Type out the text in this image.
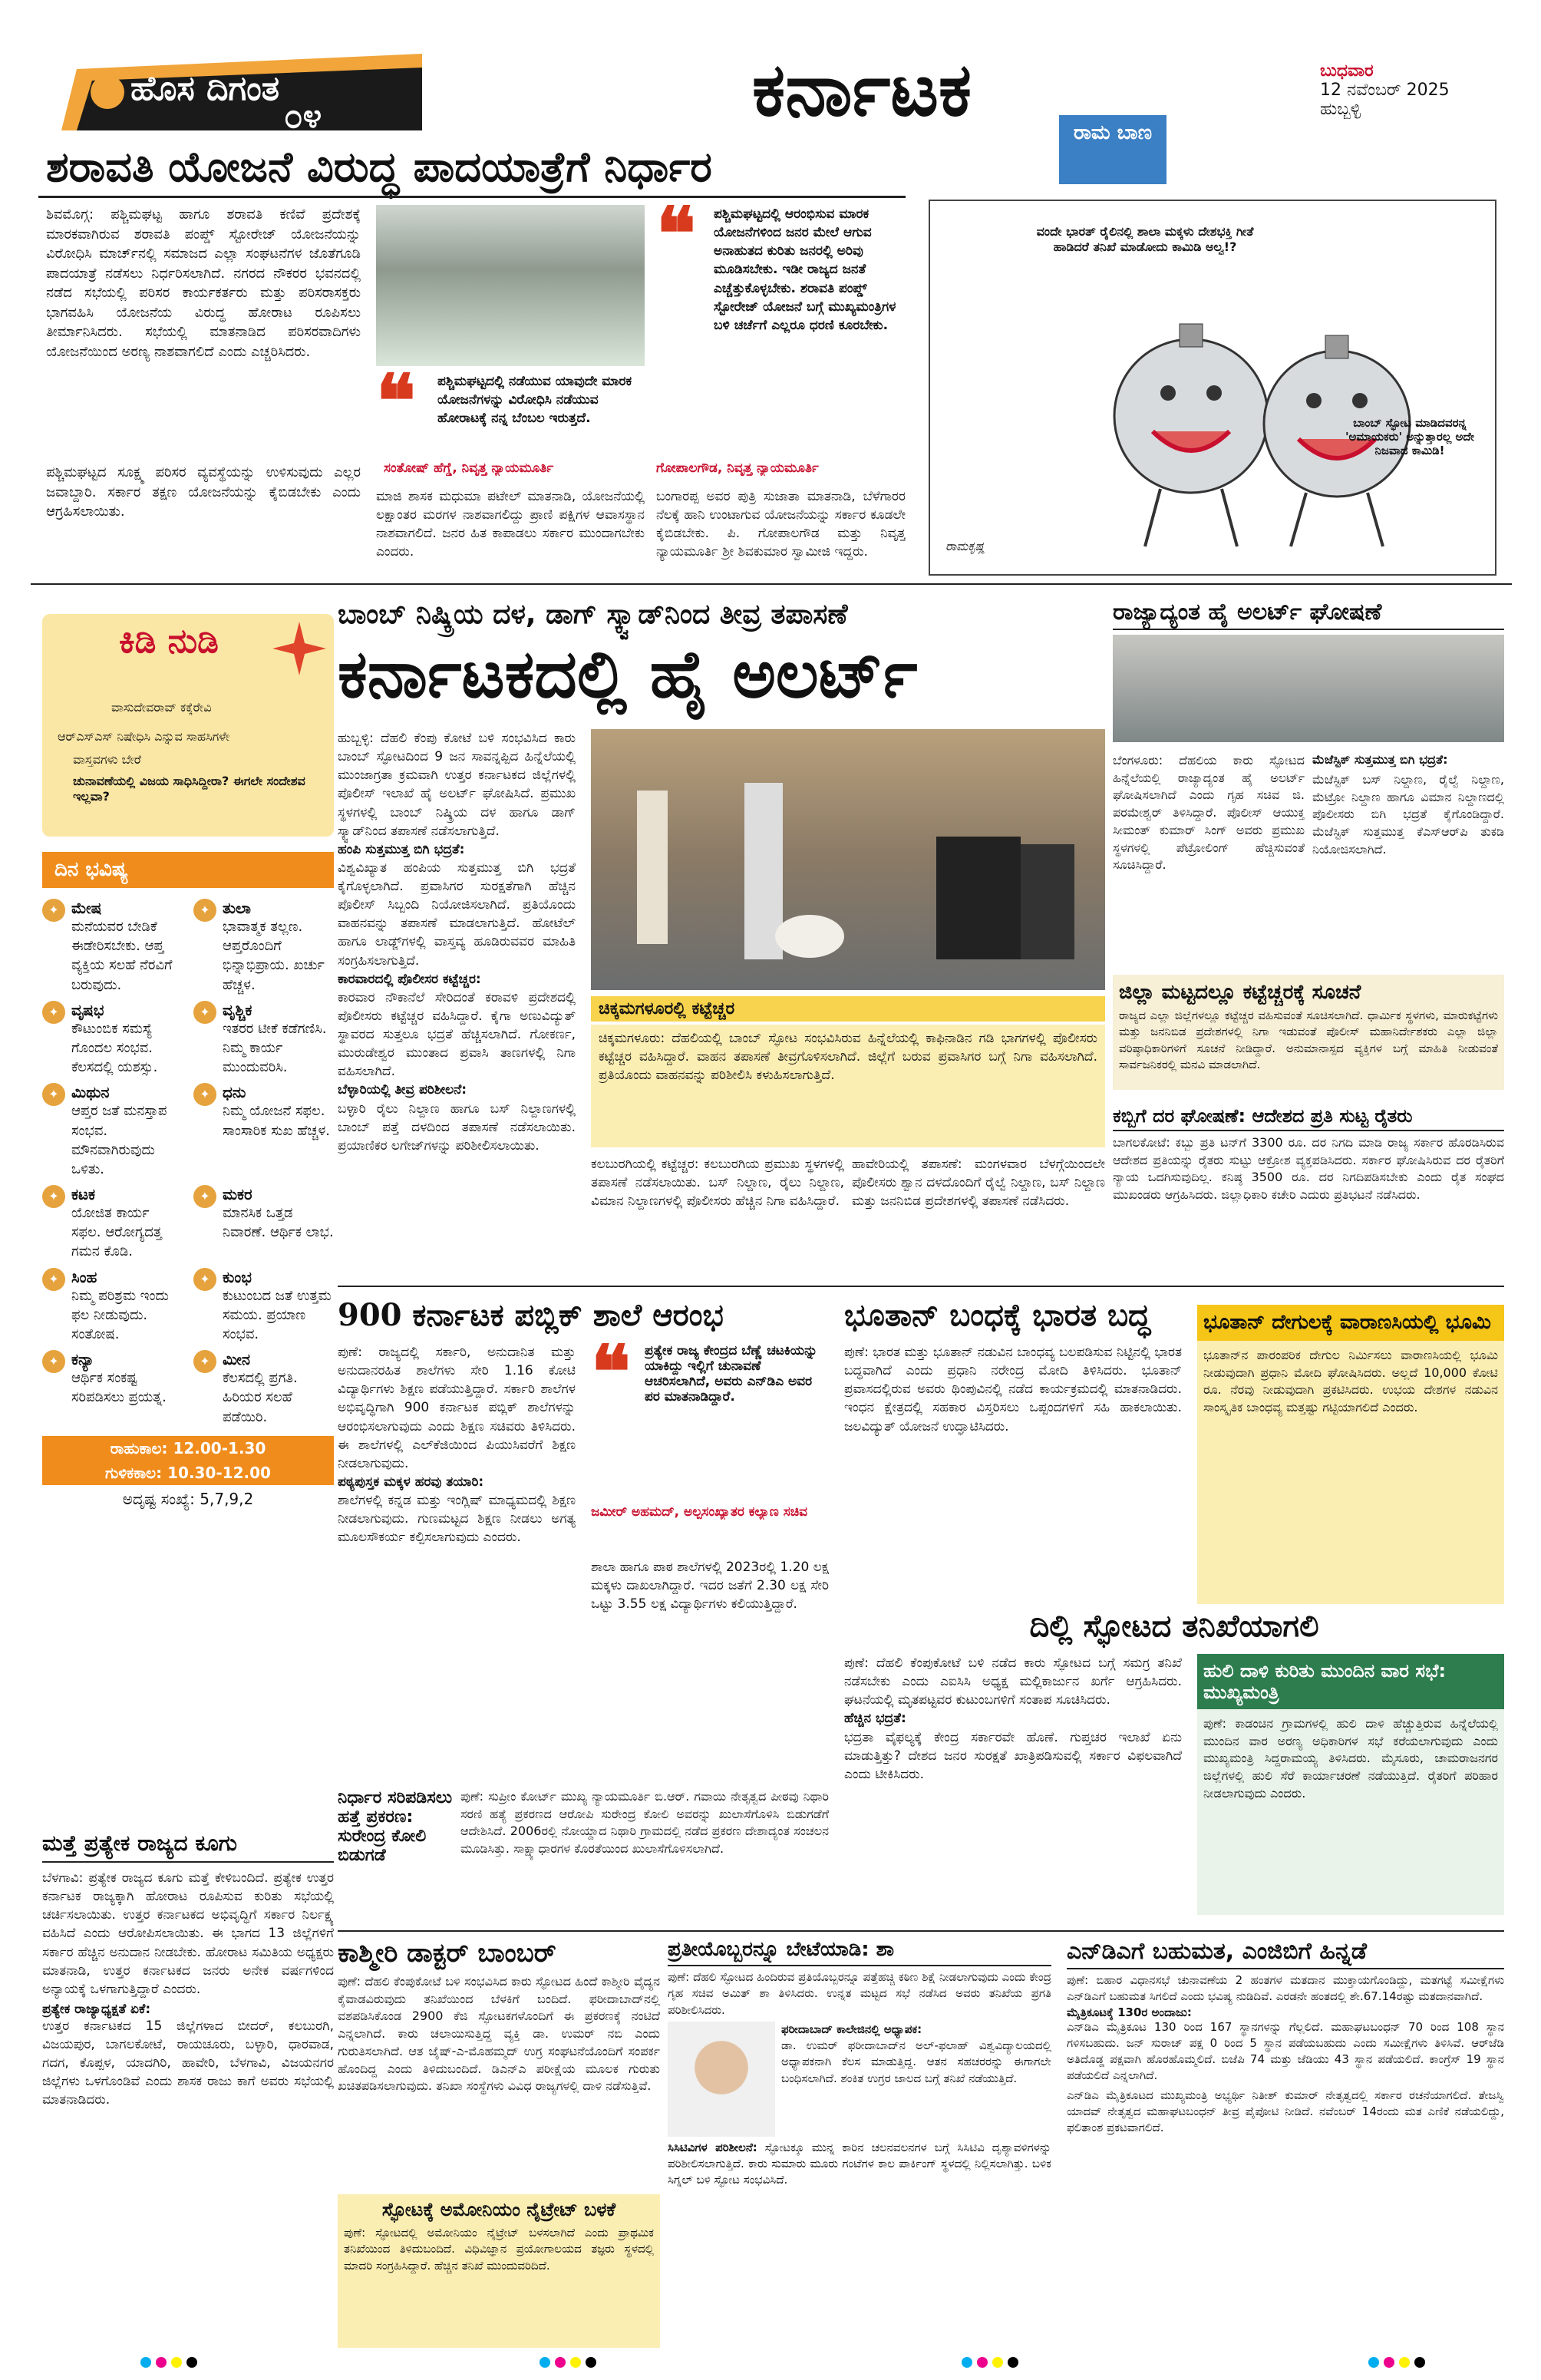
ಹೊಸ ದಿಗಂತ
೦೪	ಕರ್ನಾಟಕ	ಬುಧವಾರ
12 ನವೆಂಬರ್ 2025
ಹುಬ್ಬಳ್ಳಿ
ಶರಾವತಿ ಯೋಜನೆ ವಿರುದ್ಧ ಪಾದಯಾತ್ರೆಗೆ ನಿರ್ಧಾರ
ಶಿವಮೊಗ್ಗ: ಪಶ್ಚಿಮಘಟ್ಟ ಹಾಗೂ ಶರಾವತಿ ಕಣಿವೆ ಪ್ರದೇಶಕ್ಕೆ ಮಾರಕವಾಗಿರುವ ಶರಾವತಿ ಪಂಪ್ಡ್ ಸ್ಟೋರೇಜ್ ಯೋಜನೆಯನ್ನು ವಿರೋಧಿಸಿ ಮಾರ್ಚ್‌ನಲ್ಲಿ ಸಮಾಜದ ಎಲ್ಲಾ ಸಂಘಟನೆಗಳ ಜೊತೆಗೂಡಿ ಪಾದಯಾತ್ರೆ ನಡೆಸಲು ನಿರ್ಧರಿಸಲಾಗಿದೆ. ನಗರದ ನೌಕರರ ಭವನದಲ್ಲಿ ನಡೆದ ಸಭೆಯಲ್ಲಿ ಪರಿಸರ ಕಾರ್ಯಕರ್ತರು ಮತ್ತು ಪರಿಸರಾಸಕ್ತರು ಭಾಗವಹಿಸಿ ಯೋಜನೆಯ ವಿರುದ್ಧ ಹೋರಾಟ ರೂಪಿಸಲು ತೀರ್ಮಾನಿಸಿದರು. ಸಭೆಯಲ್ಲಿ ಮಾತನಾಡಿದ ಪರಿಸರವಾದಿಗಳು ಯೋಜನೆಯಿಂದ ಅರಣ್ಯ ನಾಶವಾಗಲಿದೆ ಎಂದು ಎಚ್ಚರಿಸಿದರು.
ಪಶ್ಚಿಮಘಟ್ಟದ ಸೂಕ್ಷ್ಮ ಪರಿಸರ ವ್ಯವಸ್ಥೆಯನ್ನು ಉಳಿಸುವುದು ಎಲ್ಲರ ಜವಾಬ್ದಾರಿ. ಸರ್ಕಾರ ತಕ್ಷಣ ಯೋಜನೆಯನ್ನು ಕೈಬಿಡಬೇಕು ಎಂದು ಆಗ್ರಹಿಸಲಾಯಿತು.
❝ ಪಶ್ಚಿಮಘಟ್ಟದಲ್ಲಿ ನಡೆಯುವ ಯಾವುದೇ ಮಾರಕ ಯೋಜನೆಗಳನ್ನು ವಿರೋಧಿಸಿ ನಡೆಯುವ ಹೋರಾಟಕ್ಕೆ ನನ್ನ ಬೆಂಬಲ ಇರುತ್ತದೆ.
ಸಂತೋಷ್ ಹೆಗ್ಡೆ, ನಿವೃತ್ತ ನ್ಯಾಯಮೂರ್ತಿ
ಮಾಜಿ ಶಾಸಕ ಮಧುಮಾ ಪಟೇಲ್ ಮಾತನಾಡಿ, ಯೋಜನೆಯಲ್ಲಿ ಲಕ್ಷಾಂತರ ಮರಗಳ ನಾಶವಾಗಲಿದ್ದು ಪ್ರಾಣಿ ಪಕ್ಷಿಗಳ ಆವಾಸಸ್ಥಾನ ನಾಶವಾಗಲಿದೆ. ಜನರ ಹಿತ ಕಾಪಾಡಲು ಸರ್ಕಾರ ಮುಂದಾಗಬೇಕು ಎಂದರು.
❝ ಪಶ್ಚಿಮಘಟ್ಟದಲ್ಲಿ ಆರಂಭಿಸುವ ಮಾರಕ ಯೋಜನೆಗಳಿಂದ ಜನರ ಮೇಲೆ ಆಗುವ ಅನಾಹುತದ ಕುರಿತು ಜನರಲ್ಲಿ ಅರಿವು ಮೂಡಿಸಬೇಕು. ಇಡೀ ರಾಜ್ಯದ ಜನತೆ ಎಚ್ಚೆತ್ತುಕೊಳ್ಳಬೇಕು. ಶರಾವತಿ ಪಂಪ್ಡ್ ಸ್ಟೋರೇಜ್ ಯೋಜನೆ ಬಗ್ಗೆ ಮುಖ್ಯಮಂತ್ರಿಗಳ ಬಳಿ ಚರ್ಚೆಗೆ ಎಲ್ಲರೂ ಧರಣಿ ಕೂರಬೇಕು.
ಗೋಪಾಲಗೌಡ, ನಿವೃತ್ತ ನ್ಯಾಯಮೂರ್ತಿ
ಬಂಗಾರಪ್ಪ ಅವರ ಪುತ್ರಿ ಸುಜಾತಾ ಮಾತನಾಡಿ, ಬೆಳೆಗಾರರ ನೆಲಕ್ಕೆ ಹಾನಿ ಉಂಟಾಗುವ ಯೋಜನೆಯನ್ನು ಸರ್ಕಾರ ಕೂಡಲೇ ಕೈಬಿಡಬೇಕು. ಪಿ. ಗೋಪಾಲಗೌಡ ಮತ್ತು ನಿವೃತ್ತ ನ್ಯಾಯಮೂರ್ತಿ ಶ್ರೀ ಶಿವಕುಮಾರ ಸ್ವಾಮೀಜಿ ಇದ್ದರು.
ರಾಮ ಬಾಣ
ವಂದೇ ಭಾರತ್ ರೈಲಿನಲ್ಲಿ ಶಾಲಾ ಮಕ್ಕಳು ದೇಶಭಕ್ತಿ ಗೀತೆ ಹಾಡಿದರೆ ತನಿಖೆ ಮಾಡೋದು ಕಾಮಿಡಿ ಅಲ್ವ!?
ಬಾಂಬ್ ಸ್ಫೋಟ ಮಾಡಿದವರನ್ನ 'ಅಮಾಯಕರು' ಅನ್ನುತ್ತಾರಲ್ಲ ಅದೇ ನಿಜವಾದ ಕಾಮಿಡಿ!
ರಾಮಕೃಷ್ಣ
ಕಿಡಿ ನುಡಿ
ವಾಸುದೇವರಾವ್ ಕಕ್ಕೆರೇವಿ
ಆರ್‌ಎಸ್‌ಎಸ್ ನಿಷೇಧಿಸಿ ಎನ್ನುವ ಸಾಹಸಿಗಳೇ
ವಾಸ್ತವಗಳು ಬೇರೆ
ಚುನಾವಣೆಯಲ್ಲಿ ವಿಜಯ ಸಾಧಿಸಿದ್ದೀರಾ? ಈಗಲೇ ಸಂದೇಶವ ಇಲ್ಲವಾ?
ದಿನ ಭವಿಷ್ಯ
✦ ಮೇಷ
ಮನೆಯವರ ಬೇಡಿಕೆ ಈಡೇರಿಸಬೇಕು. ಆಪ್ತ ವ್ಯಕ್ತಿಯ ಸಲಹೆ ನೆರವಿಗೆ ಬರುವುದು.
✦ ತುಲಾ
ಭಾವಾತ್ಮಕ ತಲ್ಲಣ. ಆಪ್ತರೊಂದಿಗೆ ಭಿನ್ನಾಭಿಪ್ರಾಯ. ಖರ್ಚು ಹೆಚ್ಚಳ.
✦ ವೃಷಭ
ಕೌಟುಂಬಿಕ ಸಮಸ್ಯೆ ಗೊಂದಲ ಸಂಭವ. ಕೆಲಸದಲ್ಲಿ ಯಶಸ್ಸು.
✦ ವೃಶ್ಚಿಕ
ಇತರರ ಟೀಕೆ ಕಡೆಗಣಿಸಿ. ನಿಮ್ಮ ಕಾರ್ಯ ಮುಂದುವರಿಸಿ.
✦ ಮಿಥುನ
ಆಪ್ತರ ಜತೆ ಮನಸ್ತಾಪ ಸಂಭವ. ಮೌನವಾಗಿರುವುದು ಒಳಿತು.
✦ ಧನು
ನಿಮ್ಮ ಯೋಜನೆ ಸಫಲ. ಸಾಂಸಾರಿಕ ಸುಖ ಹೆಚ್ಚಳ.
✦ ಕಟಕ
ಯೋಜಿತ ಕಾರ್ಯ ಸಫಲ. ಆರೋಗ್ಯದತ್ತ ಗಮನ ಕೊಡಿ.
✦ ಮಕರ
ಮಾನಸಿಕ ಒತ್ತಡ ನಿವಾರಣೆ. ಆರ್ಥಿಕ ಲಾಭ.
✦ ಸಿಂಹ
ನಿಮ್ಮ ಪರಿಶ್ರಮ ಇಂದು ಫಲ ನೀಡುವುದು. ಸಂತೋಷ.
✦ ಕುಂಭ
ಕುಟುಂಬದ ಜತೆ ಉತ್ತಮ ಸಮಯ. ಪ್ರಯಾಣ ಸಂಭವ.
✦ ಕನ್ಯಾ
ಆರ್ಥಿಕ ಸಂಕಷ್ಟ ಸರಿಪಡಿಸಲು ಪ್ರಯತ್ನ.
✦ ಮೀನ
ಕೆಲಸದಲ್ಲಿ ಪ್ರಗತಿ. ಹಿರಿಯರ ಸಲಹೆ ಪಡೆಯಿರಿ.
ರಾಹುಕಾಲ: 12.00-1.30
ಗುಳಿಕಕಾಲ: 10.30-12.00
ಅದೃಷ್ಟ ಸಂಖ್ಯೆ: 5,7,9,2
ಮತ್ತೆ ಪ್ರತ್ಯೇಕ ರಾಜ್ಯದ ಕೂಗು
ಬೆಳಗಾವಿ: ಪ್ರತ್ಯೇಕ ರಾಜ್ಯದ ಕೂಗು ಮತ್ತೆ ಕೇಳಿಬಂದಿದೆ. ಪ್ರತ್ಯೇಕ ಉತ್ತರ ಕರ್ನಾಟಕ ರಾಜ್ಯಕ್ಕಾಗಿ ಹೋರಾಟ ರೂಪಿಸುವ ಕುರಿತು ಸಭೆಯಲ್ಲಿ ಚರ್ಚಿಸಲಾಯಿತು. ಉತ್ತರ ಕರ್ನಾಟಕದ ಅಭಿವೃದ್ಧಿಗೆ ಸರ್ಕಾರ ನಿರ್ಲಕ್ಷ್ಯ ವಹಿಸಿದೆ ಎಂದು ಆರೋಪಿಸಲಾಯಿತು. ಈ ಭಾಗದ 13 ಜಿಲ್ಲೆಗಳಿಗೆ ಸರ್ಕಾರ ಹೆಚ್ಚಿನ ಅನುದಾನ ನೀಡಬೇಕು. ಹೋರಾಟ ಸಮಿತಿಯ ಅಧ್ಯಕ್ಷರು ಮಾತನಾಡಿ, ಉತ್ತರ ಕರ್ನಾಟಕದ ಜನರು ಅನೇಕ ವರ್ಷಗಳಿಂದ ಅನ್ಯಾಯಕ್ಕೆ ಒಳಗಾಗುತ್ತಿದ್ದಾರೆ ಎಂದರು.
ಪ್ರತ್ಯೇಕ ರಾಜ್ಯಾಧ್ಯಕ್ಷತೆ ಏಕೆ:
ಉತ್ತರ ಕರ್ನಾಟಕದ 15 ಜಿಲ್ಲೆಗಳಾದ ಬೀದರ್, ಕಲಬುರಗಿ, ವಿಜಯಪುರ, ಬಾಗಲಕೋಟೆ, ರಾಯಚೂರು, ಬಳ್ಳಾರಿ, ಧಾರವಾಡ, ಗದಗ, ಕೊಪ್ಪಳ, ಯಾದಗಿರಿ, ಹಾವೇರಿ, ಬೆಳಗಾವಿ, ವಿಜಯನಗರ ಜಿಲ್ಲೆಗಳು ಒಳಗೊಂಡಿವೆ ಎಂದು ಶಾಸಕ ರಾಜು ಕಾಗೆ ಅವರು ಸಭೆಯಲ್ಲಿ ಮಾತನಾಡಿದರು.
ಬಾಂಬ್ ನಿಷ್ಕ್ರಿಯ ದಳ, ಡಾಗ್ ಸ್ಕ್ವಾಡ್‌ನಿಂದ ತೀವ್ರ ತಪಾಸಣೆ
ಕರ್ನಾಟಕದಲ್ಲಿ ಹೈ ಅಲರ್ಟ್
ಹುಬ್ಬಳ್ಳಿ: ದೆಹಲಿ ಕೆಂಪು ಕೋಟೆ ಬಳಿ ಸಂಭವಿಸಿದ ಕಾರು ಬಾಂಬ್ ಸ್ಫೋಟದಿಂದ 9 ಜನ ಸಾವನ್ನಪ್ಪಿದ ಹಿನ್ನೆಲೆಯಲ್ಲಿ ಮುಂಜಾಗ್ರತಾ ಕ್ರಮವಾಗಿ ಉತ್ತರ ಕರ್ನಾಟಕದ ಜಿಲ್ಲೆಗಳಲ್ಲಿ ಪೊಲೀಸ್ ಇಲಾಖೆ ಹೈ ಅಲರ್ಟ್ ಘೋಷಿಸಿದೆ. ಪ್ರಮುಖ ಸ್ಥಳಗಳಲ್ಲಿ ಬಾಂಬ್ ನಿಷ್ಕ್ರಿಯ ದಳ ಹಾಗೂ ಡಾಗ್ ಸ್ಕ್ವಾಡ್‌ನಿಂದ ತಪಾಸಣೆ ನಡೆಸಲಾಗುತ್ತಿದೆ.
ಹಂಪಿ ಸುತ್ತಮುತ್ತ ಬಿಗಿ ಭದ್ರತೆ:
ವಿಶ್ವವಿಖ್ಯಾತ ಹಂಪಿಯ ಸುತ್ತಮುತ್ತ ಬಿಗಿ ಭದ್ರತೆ ಕೈಗೊಳ್ಳಲಾಗಿದೆ. ಪ್ರವಾಸಿಗರ ಸುರಕ್ಷತೆಗಾಗಿ ಹೆಚ್ಚಿನ ಪೊಲೀಸ್ ಸಿಬ್ಬಂದಿ ನಿಯೋಜಿಸಲಾಗಿದೆ. ಪ್ರತಿಯೊಂದು ವಾಹನವನ್ನು ತಪಾಸಣೆ ಮಾಡಲಾಗುತ್ತಿದೆ. ಹೋಟೆಲ್ ಹಾಗೂ ಲಾಡ್ಜ್‌ಗಳಲ್ಲಿ ವಾಸ್ತವ್ಯ ಹೂಡಿರುವವರ ಮಾಹಿತಿ ಸಂಗ್ರಹಿಸಲಾಗುತ್ತಿದೆ.
ಕಾರವಾರದಲ್ಲಿ ಪೊಲೀಸರ ಕಟ್ಟೆಚ್ಚರ:
ಕಾರವಾರ ನೌಕಾನೆಲೆ ಸೇರಿದಂತೆ ಕರಾವಳಿ ಪ್ರದೇಶದಲ್ಲಿ ಪೊಲೀಸರು ಕಟ್ಟೆಚ್ಚರ ವಹಿಸಿದ್ದಾರೆ. ಕೈಗಾ ಅಣುವಿದ್ಯುತ್ ಸ್ಥಾವರದ ಸುತ್ತಲೂ ಭದ್ರತೆ ಹೆಚ್ಚಿಸಲಾಗಿದೆ. ಗೋಕರ್ಣ, ಮುರುಡೇಶ್ವರ ಮುಂತಾದ ಪ್ರವಾಸಿ ತಾಣಗಳಲ್ಲಿ ನಿಗಾ ವಹಿಸಲಾಗಿದೆ.
ಬೆಳ್ಳಾರಿಯಲ್ಲಿ ತೀವ್ರ ಪರಿಶೀಲನೆ:
ಬಳ್ಳಾರಿ ರೈಲು ನಿಲ್ದಾಣ ಹಾಗೂ ಬಸ್ ನಿಲ್ದಾಣಗಳಲ್ಲಿ ಬಾಂಬ್ ಪತ್ತೆ ದಳದಿಂದ ತಪಾಸಣೆ ನಡೆಸಲಾಯಿತು. ಪ್ರಯಾಣಿಕರ ಲಗೇಜ್‌ಗಳನ್ನು ಪರಿಶೀಲಿಸಲಾಯಿತು.
ಚಿಕ್ಕಮಗಳೂರಲ್ಲಿ ಕಟ್ಟೆಚ್ಚರ
ಚಿಕ್ಕಮಗಳೂರು: ದೆಹಲಿಯಲ್ಲಿ ಬಾಂಬ್ ಸ್ಫೋಟ ಸಂಭವಿಸಿರುವ ಹಿನ್ನೆಲೆಯಲ್ಲಿ ಕಾಫಿನಾಡಿನ ಗಡಿ ಭಾಗಗಳಲ್ಲಿ ಪೊಲೀಸರು ಕಟ್ಟೆಚ್ಚರ ವಹಿಸಿದ್ದಾರೆ. ವಾಹನ ತಪಾಸಣೆ ತೀವ್ರಗೊಳಿಸಲಾಗಿದೆ. ಜಿಲ್ಲೆಗೆ ಬರುವ ಪ್ರವಾಸಿಗರ ಬಗ್ಗೆ ನಿಗಾ ವಹಿಸಲಾಗಿದೆ. ಪ್ರತಿಯೊಂದು ವಾಹನವನ್ನು ಪರಿಶೀಲಿಸಿ ಕಳುಹಿಸಲಾಗುತ್ತಿದೆ.
ಕಲಬುರಗಿಯಲ್ಲಿ ಕಟ್ಟೆಚ್ಚರ: ಕಲಬುರಗಿಯ ಪ್ರಮುಖ ಸ್ಥಳಗಳಲ್ಲಿ ತಪಾಸಣೆ ನಡೆಸಲಾಯಿತು. ಬಸ್ ನಿಲ್ದಾಣ, ರೈಲು ನಿಲ್ದಾಣ, ವಿಮಾನ ನಿಲ್ದಾಣಗಳಲ್ಲಿ ಪೊಲೀಸರು ಹೆಚ್ಚಿನ ನಿಗಾ ವಹಿಸಿದ್ದಾರೆ.
ಹಾವೇರಿಯಲ್ಲಿ ತಪಾಸಣೆ: ಮಂಗಳವಾರ ಬೆಳಗ್ಗೆಯಿಂದಲೇ ಪೊಲೀಸರು ಶ್ವಾನ ದಳದೊಂದಿಗೆ ರೈಲ್ವೆ ನಿಲ್ದಾಣ, ಬಸ್ ನಿಲ್ದಾಣ ಮತ್ತು ಜನನಿಬಿಡ ಪ್ರದೇಶಗಳಲ್ಲಿ ತಪಾಸಣೆ ನಡೆಸಿದರು.
ರಾಜ್ಯಾದ್ಯಂತ ಹೈ ಅಲರ್ಟ್ ಘೋಷಣೆ
ಬೆಂಗಳೂರು: ದೆಹಲಿಯ ಕಾರು ಸ್ಫೋಟದ ಹಿನ್ನೆಲೆಯಲ್ಲಿ ರಾಜ್ಯಾದ್ಯಂತ ಹೈ ಅಲರ್ಟ್ ಘೋಷಿಸಲಾಗಿದೆ ಎಂದು ಗೃಹ ಸಚಿವ ಜಿ. ಪರಮೇಶ್ವರ್ ತಿಳಿಸಿದ್ದಾರೆ. ಪೊಲೀಸ್ ಆಯುಕ್ತ ಸೀಮಂತ್ ಕುಮಾರ್ ಸಿಂಗ್ ಅವರು ಪ್ರಮುಖ ಸ್ಥಳಗಳಲ್ಲಿ ಪೆಟ್ರೋಲಿಂಗ್ ಹೆಚ್ಚಿಸುವಂತೆ ಸೂಚಿಸಿದ್ದಾರೆ.
ಮೆಜೆಸ್ಟಿಕ್ ಸುತ್ತಮುತ್ತ ಬಿಗಿ ಭದ್ರತೆ:
ಮೆಜೆಸ್ಟಿಕ್ ಬಸ್ ನಿಲ್ದಾಣ, ರೈಲ್ವೆ ನಿಲ್ದಾಣ, ಮೆಟ್ರೋ ನಿಲ್ದಾಣ ಹಾಗೂ ವಿಮಾನ ನಿಲ್ದಾಣದಲ್ಲಿ ಪೊಲೀಸರು ಬಿಗಿ ಭದ್ರತೆ ಕೈಗೊಂಡಿದ್ದಾರೆ. ಮೆಜೆಸ್ಟಿಕ್ ಸುತ್ತಮುತ್ತ ಕೆಎಸ್‌ಆರ್‌ಪಿ ತುಕಡಿ ನಿಯೋಜಿಸಲಾಗಿದೆ.
ಜಿಲ್ಲಾ ಮಟ್ಟದಲ್ಲೂ ಕಟ್ಟೆಚ್ಚರಕ್ಕೆ ಸೂಚನೆ
ರಾಜ್ಯದ ಎಲ್ಲಾ ಜಿಲ್ಲೆಗಳಲ್ಲೂ ಕಟ್ಟೆಚ್ಚರ ವಹಿಸುವಂತೆ ಸೂಚಿಸಲಾಗಿದೆ. ಧಾರ್ಮಿಕ ಸ್ಥಳಗಳು, ಮಾರುಕಟ್ಟೆಗಳು ಮತ್ತು ಜನನಿಬಿಡ ಪ್ರದೇಶಗಳಲ್ಲಿ ನಿಗಾ ಇಡುವಂತೆ ಪೊಲೀಸ್ ಮಹಾನಿರ್ದೇಶಕರು ಎಲ್ಲಾ ಜಿಲ್ಲಾ ವರಿಷ್ಠಾಧಿಕಾರಿಗಳಿಗೆ ಸೂಚನೆ ನೀಡಿದ್ದಾರೆ. ಅನುಮಾನಾಸ್ಪದ ವ್ಯಕ್ತಿಗಳ ಬಗ್ಗೆ ಮಾಹಿತಿ ನೀಡುವಂತೆ ಸಾರ್ವಜನಿಕರಲ್ಲಿ ಮನವಿ ಮಾಡಲಾಗಿದೆ.
ಕಬ್ಬಿಗೆ ದರ ಘೋಷಣೆ: ಆದೇಶದ ಪ್ರತಿ ಸುಟ್ಟ ರೈತರು
ಬಾಗಲಕೋಟೆ: ಕಬ್ಬು ಪ್ರತಿ ಟನ್‌ಗೆ 3300 ರೂ. ದರ ನಿಗದಿ ಮಾಡಿ ರಾಜ್ಯ ಸರ್ಕಾರ ಹೊರಡಿಸಿರುವ ಆದೇಶದ ಪ್ರತಿಯನ್ನು ರೈತರು ಸುಟ್ಟು ಆಕ್ರೋಶ ವ್ಯಕ್ತಪಡಿಸಿದರು. ಸರ್ಕಾರ ಘೋಷಿಸಿರುವ ದರ ರೈತರಿಗೆ ನ್ಯಾಯ ಒದಗಿಸುವುದಿಲ್ಲ. ಕನಿಷ್ಠ 3500 ರೂ. ದರ ನಿಗದಿಪಡಿಸಬೇಕು ಎಂದು ರೈತ ಸಂಘದ ಮುಖಂಡರು ಆಗ್ರಹಿಸಿದರು. ಜಿಲ್ಲಾಧಿಕಾರಿ ಕಚೇರಿ ಎದುರು ಪ್ರತಿಭಟನೆ ನಡೆಸಿದರು.
900 ಕರ್ನಾಟಕ ಪಬ್ಲಿಕ್ ಶಾಲೆ ಆರಂಭ
ಪುಣೆ: ರಾಜ್ಯದಲ್ಲಿ ಸರ್ಕಾರಿ, ಅನುದಾನಿತ ಮತ್ತು ಅನುದಾನರಹಿತ ಶಾಲೆಗಳು ಸೇರಿ 1.16 ಕೋಟಿ ವಿದ್ಯಾರ್ಥಿಗಳು ಶಿಕ್ಷಣ ಪಡೆಯುತ್ತಿದ್ದಾರೆ. ಸರ್ಕಾರಿ ಶಾಲೆಗಳ ಅಭಿವೃದ್ಧಿಗಾಗಿ 900 ಕರ್ನಾಟಕ ಪಬ್ಲಿಕ್ ಶಾಲೆಗಳನ್ನು ಆರಂಭಿಸಲಾಗುವುದು ಎಂದು ಶಿಕ್ಷಣ ಸಚಿವರು ತಿಳಿಸಿದರು. ಈ ಶಾಲೆಗಳಲ್ಲಿ ಎಲ್‌ಕೆಜಿಯಿಂದ ಪಿಯುಸಿವರೆಗೆ ಶಿಕ್ಷಣ ನೀಡಲಾಗುವುದು.
ಪಠ್ಯಪುಸ್ತಕ ಮಕ್ಕಳ ಹರವು ತಯಾರಿ:
ಶಾಲೆಗಳಲ್ಲಿ ಕನ್ನಡ ಮತ್ತು ಇಂಗ್ಲಿಷ್ ಮಾಧ್ಯಮದಲ್ಲಿ ಶಿಕ್ಷಣ ನೀಡಲಾಗುವುದು. ಗುಣಮಟ್ಟದ ಶಿಕ್ಷಣ ನೀಡಲು ಅಗತ್ಯ ಮೂಲಸೌಕರ್ಯ ಕಲ್ಪಿಸಲಾಗುವುದು ಎಂದರು.
❝ ಪ್ರತ್ಯೇಕ ರಾಜ್ಯ ಕೇಂದ್ರದ ಬೆಣ್ಣೆ ಚಟಕಿಯನ್ನು ಯಾಕಿದ್ದು ಇಲ್ಲಿಗೆ ಚುನಾವಣೆ ಆಚರಿಸಲಾಗಿದೆ, ಅವರು ಎನ್‌ಡಿಎ ಅವರ ಪರ ಮಾತನಾಡಿದ್ದಾರೆ.
ಜಮೀರ್ ಅಹಮದ್, ಅಲ್ಪಸಂಖ್ಯಾತರ ಕಲ್ಯಾಣ ಸಚಿವ
ಶಾಲಾ ಹಾಗೂ ಪಾಠ ಶಾಲೆಗಳಲ್ಲಿ 2023ರಲ್ಲಿ 1.20 ಲಕ್ಷ ಮಕ್ಕಳು ದಾಖಲಾಗಿದ್ದಾರೆ. ಇದರ ಜತೆಗೆ 2.30 ಲಕ್ಷ ಸೇರಿ ಒಟ್ಟು 3.55 ಲಕ್ಷ ವಿದ್ಯಾರ್ಥಿಗಳು ಕಲಿಯುತ್ತಿದ್ದಾರೆ.
ಭೂತಾನ್ ಬಂಧಕ್ಕೆ ಭಾರತ ಬದ್ಧ
ಪುಣೆ: ಭಾರತ ಮತ್ತು ಭೂತಾನ್ ನಡುವಿನ ಬಾಂಧವ್ಯ ಬಲಪಡಿಸುವ ನಿಟ್ಟಿನಲ್ಲಿ ಭಾರತ ಬದ್ಧವಾಗಿದೆ ಎಂದು ಪ್ರಧಾನಿ ನರೇಂದ್ರ ಮೋದಿ ತಿಳಿಸಿದರು. ಭೂತಾನ್ ಪ್ರವಾಸದಲ್ಲಿರುವ ಅವರು ಥಿಂಪುವಿನಲ್ಲಿ ನಡೆದ ಕಾರ್ಯಕ್ರಮದಲ್ಲಿ ಮಾತನಾಡಿದರು. ಇಂಧನ ಕ್ಷೇತ್ರದಲ್ಲಿ ಸಹಕಾರ ವಿಸ್ತರಿಸಲು ಒಪ್ಪಂದಗಳಿಗೆ ಸಹಿ ಹಾಕಲಾಯಿತು. ಜಲವಿದ್ಯುತ್ ಯೋಜನೆ ಉದ್ಘಾಟಿಸಿದರು.
ಭೂತಾನ್ ದೇಗುಲಕ್ಕೆ ವಾರಾಣಸಿಯಲ್ಲಿ ಭೂಮಿ
ಭೂತಾನ್‌ನ ಪಾರಂಪರಿಕ ದೇಗುಲ ನಿರ್ಮಿಸಲು ವಾರಾಣಸಿಯಲ್ಲಿ ಭೂಮಿ ನೀಡುವುದಾಗಿ ಪ್ರಧಾನಿ ಮೋದಿ ಘೋಷಿಸಿದರು. ಅಲ್ಲದೆ 10,000 ಕೋಟಿ ರೂ. ನೆರವು ನೀಡುವುದಾಗಿ ಪ್ರಕಟಿಸಿದರು. ಉಭಯ ದೇಶಗಳ ನಡುವಿನ ಸಾಂಸ್ಕೃತಿಕ ಬಾಂಧವ್ಯ ಮತ್ತಷ್ಟು ಗಟ್ಟಿಯಾಗಲಿದೆ ಎಂದರು.
ದಿಲ್ಲಿ ಸ್ಫೋಟದ ತನಿಖೆಯಾಗಲಿ
ಪುಣೆ: ದೆಹಲಿ ಕೆಂಪುಕೋಟೆ ಬಳಿ ನಡೆದ ಕಾರು ಸ್ಫೋಟದ ಬಗ್ಗೆ ಸಮಗ್ರ ತನಿಖೆ ನಡೆಸಬೇಕು ಎಂದು ಎಐಸಿಸಿ ಅಧ್ಯಕ್ಷ ಮಲ್ಲಿಕಾರ್ಜುನ ಖರ್ಗೆ ಆಗ್ರಹಿಸಿದರು. ಘಟನೆಯಲ್ಲಿ ಮೃತಪಟ್ಟವರ ಕುಟುಂಬಗಳಿಗೆ ಸಂತಾಪ ಸೂಚಿಸಿದರು.
ಹೆಚ್ಚಿನ ಭದ್ರತೆ:
ಭದ್ರತಾ ವೈಫಲ್ಯಕ್ಕೆ ಕೇಂದ್ರ ಸರ್ಕಾರವೇ ಹೊಣೆ. ಗುಪ್ತಚರ ಇಲಾಖೆ ಏನು ಮಾಡುತ್ತಿತ್ತು? ದೇಶದ ಜನರ ಸುರಕ್ಷತೆ ಖಾತ್ರಿಪಡಿಸುವಲ್ಲಿ ಸರ್ಕಾರ ವಿಫಲವಾಗಿದೆ ಎಂದು ಟೀಕಿಸಿದರು.
ಹುಲಿ ದಾಳಿ ಕುರಿತು ಮುಂದಿನ ವಾರ ಸಭೆ: ಮುಖ್ಯಮಂತ್ರಿ
ಪುಣೆ: ಕಾಡಂಚಿನ ಗ್ರಾಮಗಳಲ್ಲಿ ಹುಲಿ ದಾಳಿ ಹೆಚ್ಚುತ್ತಿರುವ ಹಿನ್ನೆಲೆಯಲ್ಲಿ ಮುಂದಿನ ವಾರ ಅರಣ್ಯ ಅಧಿಕಾರಿಗಳ ಸಭೆ ಕರೆಯಲಾಗುವುದು ಎಂದು ಮುಖ್ಯಮಂತ್ರಿ ಸಿದ್ದರಾಮಯ್ಯ ತಿಳಿಸಿದರು. ಮೈಸೂರು, ಚಾಮರಾಜನಗರ ಜಿಲ್ಲೆಗಳಲ್ಲಿ ಹುಲಿ ಸೆರೆ ಕಾರ್ಯಾಚರಣೆ ನಡೆಯುತ್ತಿದೆ. ರೈತರಿಗೆ ಪರಿಹಾರ ನೀಡಲಾಗುವುದು ಎಂದರು.
ನಿರ್ಧಾರ ಸರಿಪಡಿಸಲು ಹತ್ತೆ ಪ್ರಕರಣ: ಸುರೇಂದ್ರ ಕೋಲಿ ಬಿಡುಗಡೆ
ಪುಣೆ: ಸುಪ್ರೀಂ ಕೋರ್ಟ್ ಮುಖ್ಯ ನ್ಯಾಯಮೂರ್ತಿ ಬಿ.ಆರ್. ಗವಾಯಿ ನೇತೃತ್ವದ ಪೀಠವು ನಿಥಾರಿ ಸರಣಿ ಹತ್ಯೆ ಪ್ರಕರಣದ ಆರೋಪಿ ಸುರೇಂದ್ರ ಕೋಲಿ ಅವರನ್ನು ಖುಲಾಸೆಗೊಳಿಸಿ ಬಿಡುಗಡೆಗೆ ಆದೇಶಿಸಿದೆ. 2006ರಲ್ಲಿ ನೋಯ್ಡಾದ ನಿಥಾರಿ ಗ್ರಾಮದಲ್ಲಿ ನಡೆದ ಪ್ರಕರಣ ದೇಶಾದ್ಯಂತ ಸಂಚಲನ ಮೂಡಿಸಿತ್ತು. ಸಾಕ್ಷ್ಯಾಧಾರಗಳ ಕೊರತೆಯಿಂದ ಖುಲಾಸೆಗೊಳಿಸಲಾಗಿದೆ.
ಕಾಶ್ಮೀರಿ ಡಾಕ್ಟರ್ ಬಾಂಬರ್
ಪುಣೆ: ದೆಹಲಿ ಕೆಂಪುಕೋಟೆ ಬಳಿ ಸಂಭವಿಸಿದ ಕಾರು ಸ್ಫೋಟದ ಹಿಂದೆ ಕಾಶ್ಮೀರಿ ವೈದ್ಯನ ಕೈವಾಡವಿರುವುದು ತನಿಖೆಯಿಂದ ಬೆಳಕಿಗೆ ಬಂದಿದೆ. ಫರೀದಾಬಾದ್‌ನಲ್ಲಿ ವಶಪಡಿಸಿಕೊಂಡ 2900 ಕೆಜಿ ಸ್ಫೋಟಕಗಳೊಂದಿಗೆ ಈ ಪ್ರಕರಣಕ್ಕೆ ನಂಟಿದೆ ಎನ್ನಲಾಗಿದೆ. ಕಾರು ಚಲಾಯಿಸುತ್ತಿದ್ದ ವ್ಯಕ್ತಿ ಡಾ. ಉಮರ್ ನಬಿ ಎಂದು ಗುರುತಿಸಲಾಗಿದೆ. ಆತ ಜೈಷ್-ಎ-ಮೊಹಮ್ಮದ್ ಉಗ್ರ ಸಂಘಟನೆಯೊಂದಿಗೆ ಸಂಪರ್ಕ ಹೊಂದಿದ್ದ ಎಂದು ತಿಳಿದುಬಂದಿದೆ. ಡಿಎನ್‌ಎ ಪರೀಕ್ಷೆಯ ಮೂಲಕ ಗುರುತು ಖಚಿತಪಡಿಸಲಾಗುವುದು. ತನಿಖಾ ಸಂಸ್ಥೆಗಳು ವಿವಿಧ ರಾಜ್ಯಗಳಲ್ಲಿ ದಾಳಿ ನಡೆಸುತ್ತಿವೆ.
ಸ್ಫೋಟಕ್ಕೆ ಅಮೋನಿಯಂ ನೈಟ್ರೇಟ್ ಬಳಕೆ
ಪುಣೆ: ಸ್ಫೋಟದಲ್ಲಿ ಅಮೋನಿಯಂ ನೈಟ್ರೇಟ್ ಬಳಸಲಾಗಿದೆ ಎಂದು ಪ್ರಾಥಮಿಕ ತನಿಖೆಯಿಂದ ತಿಳಿದುಬಂದಿದೆ. ವಿಧಿವಿಜ್ಞಾನ ಪ್ರಯೋಗಾಲಯದ ತಜ್ಞರು ಸ್ಥಳದಲ್ಲಿ ಮಾದರಿ ಸಂಗ್ರಹಿಸಿದ್ದಾರೆ. ಹೆಚ್ಚಿನ ತನಿಖೆ ಮುಂದುವರಿದಿದೆ.
ಪ್ರತೀಯೊಬ್ಬರನ್ನೂ ಬೇಟೆಯಾಡಿ: ಶಾ
ಪುಣೆ: ದೆಹಲಿ ಸ್ಫೋಟದ ಹಿಂದಿರುವ ಪ್ರತಿಯೊಬ್ಬರನ್ನೂ ಪತ್ತೆಹಚ್ಚಿ ಕಠಿಣ ಶಿಕ್ಷೆ ನೀಡಲಾಗುವುದು ಎಂದು ಕೇಂದ್ರ ಗೃಹ ಸಚಿವ ಅಮಿತ್ ಶಾ ತಿಳಿಸಿದರು. ಉನ್ನತ ಮಟ್ಟದ ಸಭೆ ನಡೆಸಿದ ಅವರು ತನಿಖೆಯ ಪ್ರಗತಿ ಪರಿಶೀಲಿಸಿದರು.
ಫರೀದಾಬಾದ್ ಕಾಲೇಜಿನಲ್ಲಿ ಅಧ್ಯಾಪಕ:
ಡಾ. ಉಮರ್ ಫರೀದಾಬಾದ್‌ನ ಅಲ್-ಫಲಾಹ್ ವಿಶ್ವವಿದ್ಯಾಲಯದಲ್ಲಿ ಅಧ್ಯಾಪಕನಾಗಿ ಕೆಲಸ ಮಾಡುತ್ತಿದ್ದ. ಆತನ ಸಹಚರರನ್ನು ಈಗಾಗಲೇ ಬಂಧಿಸಲಾಗಿದೆ. ಶಂಕಿತ ಉಗ್ರರ ಜಾಲದ ಬಗ್ಗೆ ತನಿಖೆ ನಡೆಯುತ್ತಿದೆ.
ಸಿಸಿಟಿವಿಗಳ ಪರಿಶೀಲನೆ: ಸ್ಫೋಟಕ್ಕೂ ಮುನ್ನ ಕಾರಿನ ಚಲನವಲನಗಳ ಬಗ್ಗೆ ಸಿಸಿಟಿವಿ ದೃಶ್ಯಾವಳಿಗಳನ್ನು ಪರಿಶೀಲಿಸಲಾಗುತ್ತಿದೆ. ಕಾರು ಸುಮಾರು ಮೂರು ಗಂಟೆಗಳ ಕಾಲ ಪಾರ್ಕಿಂಗ್ ಸ್ಥಳದಲ್ಲಿ ನಿಲ್ಲಿಸಲಾಗಿತ್ತು. ಬಳಿಕ ಸಿಗ್ನಲ್ ಬಳಿ ಸ್ಫೋಟ ಸಂಭವಿಸಿದೆ.
ಎನ್‌ಡಿಎಗೆ ಬಹುಮತ, ಎಂಜಿಬಿಗೆ ಹಿನ್ನಡೆ
ಪುಣೆ: ಬಿಹಾರ ವಿಧಾನಸಭೆ ಚುನಾವಣೆಯ 2 ಹಂತಗಳ ಮತದಾನ ಮುಕ್ತಾಯಗೊಂಡಿದ್ದು, ಮತಗಟ್ಟೆ ಸಮೀಕ್ಷೆಗಳು ಎನ್‌ಡಿಎಗೆ ಬಹುಮತ ಸಿಗಲಿದೆ ಎಂದು ಭವಿಷ್ಯ ನುಡಿದಿವೆ. ಎರಡನೇ ಹಂತದಲ್ಲಿ ಶೇ.67.14ರಷ್ಟು ಮತದಾನವಾಗಿದೆ.
ಮೈತ್ರಿಕೂಟಕ್ಕೆ 130ರ ಅಂದಾಜು:
ಎನ್‌ಡಿಎ ಮೈತ್ರಿಕೂಟ 130 ರಿಂದ 167 ಸ್ಥಾನಗಳನ್ನು ಗೆಲ್ಲಲಿದೆ. ಮಹಾಘಟಬಂಧನ್ 70 ರಿಂದ 108 ಸ್ಥಾನ ಗಳಿಸಬಹುದು. ಜನ್ ಸುರಾಜ್ ಪಕ್ಷ 0 ರಿಂದ 5 ಸ್ಥಾನ ಪಡೆಯಬಹುದು ಎಂದು ಸಮೀಕ್ಷೆಗಳು ತಿಳಿಸಿವೆ. ಆರ್‌ಜೆಡಿ ಅತಿದೊಡ್ಡ ಪಕ್ಷವಾಗಿ ಹೊರಹೊಮ್ಮಲಿದೆ. ಬಿಜೆಪಿ 74 ಮತ್ತು ಜೆಡಿಯು 43 ಸ್ಥಾನ ಪಡೆಯಲಿದೆ. ಕಾಂಗ್ರೆಸ್ 19 ಸ್ಥಾನ ಪಡೆಯಲಿದೆ ಎನ್ನಲಾಗಿದೆ.
ಎನ್‌ಡಿಎ ಮೈತ್ರಿಕೂಟದ ಮುಖ್ಯಮಂತ್ರಿ ಅಭ್ಯರ್ಥಿ ನಿತೀಶ್ ಕುಮಾರ್ ನೇತೃತ್ವದಲ್ಲಿ ಸರ್ಕಾರ ರಚನೆಯಾಗಲಿದೆ. ತೇಜಸ್ವಿ ಯಾದವ್ ನೇತೃತ್ವದ ಮಹಾಘಟಬಂಧನ್ ತೀವ್ರ ಪೈಪೋಟಿ ನೀಡಿದೆ. ನವೆಂಬರ್ 14ರಂದು ಮತ ಎಣಿಕೆ ನಡೆಯಲಿದ್ದು, ಫಲಿತಾಂಶ ಪ್ರಕಟವಾಗಲಿದೆ.
